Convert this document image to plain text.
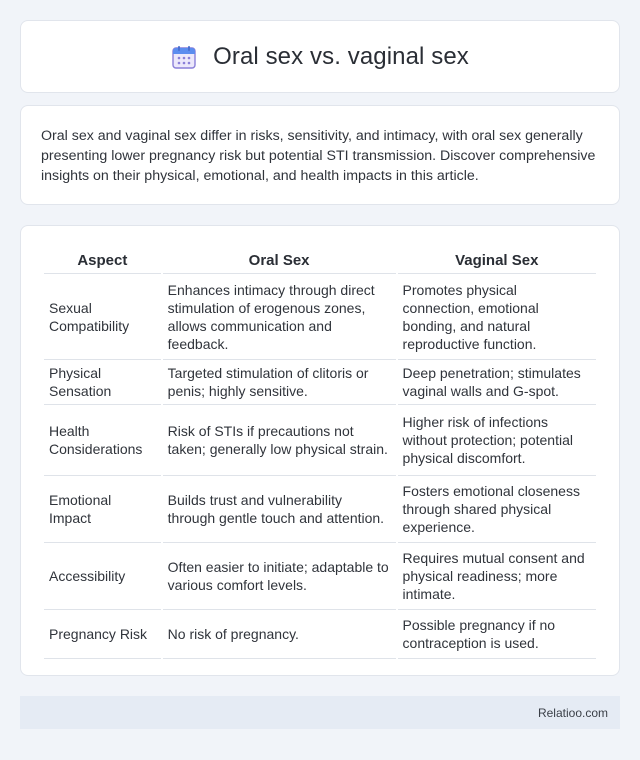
Oral sex vs. vaginal sex

Oral sex and vaginal sex differ in risks, sensitivity, and intimacy, with oral sex generally presenting lower pregnancy risk but potential STI transmission. Discover comprehensive insights on their physical, emotional, and health impacts in this article.

Aspect	Oral Sex	Vaginal Sex
Sexual Compatibility	Enhances intimacy through direct stimulation of erogenous zones, allows communication and feedback.	Promotes physical connection, emotional bonding, and natural reproductive function.
Physical Sensation	Targeted stimulation of clitoris or penis; highly sensitive.	Deep penetration; stimulates vaginal walls and G-spot.
Health Considerations	Risk of STIs if precautions not taken; generally low physical strain.	Higher risk of infections without protection; potential physical discomfort.
Emotional Impact	Builds trust and vulnerability through gentle touch and attention.	Fosters emotional closeness through shared physical experience.
Accessibility	Often easier to initiate; adaptable to various comfort levels.	Requires mutual consent and physical readiness; more intimate.
Pregnancy Risk	No risk of pregnancy.	Possible pregnancy if no contraception is used.
Relatioo.com
